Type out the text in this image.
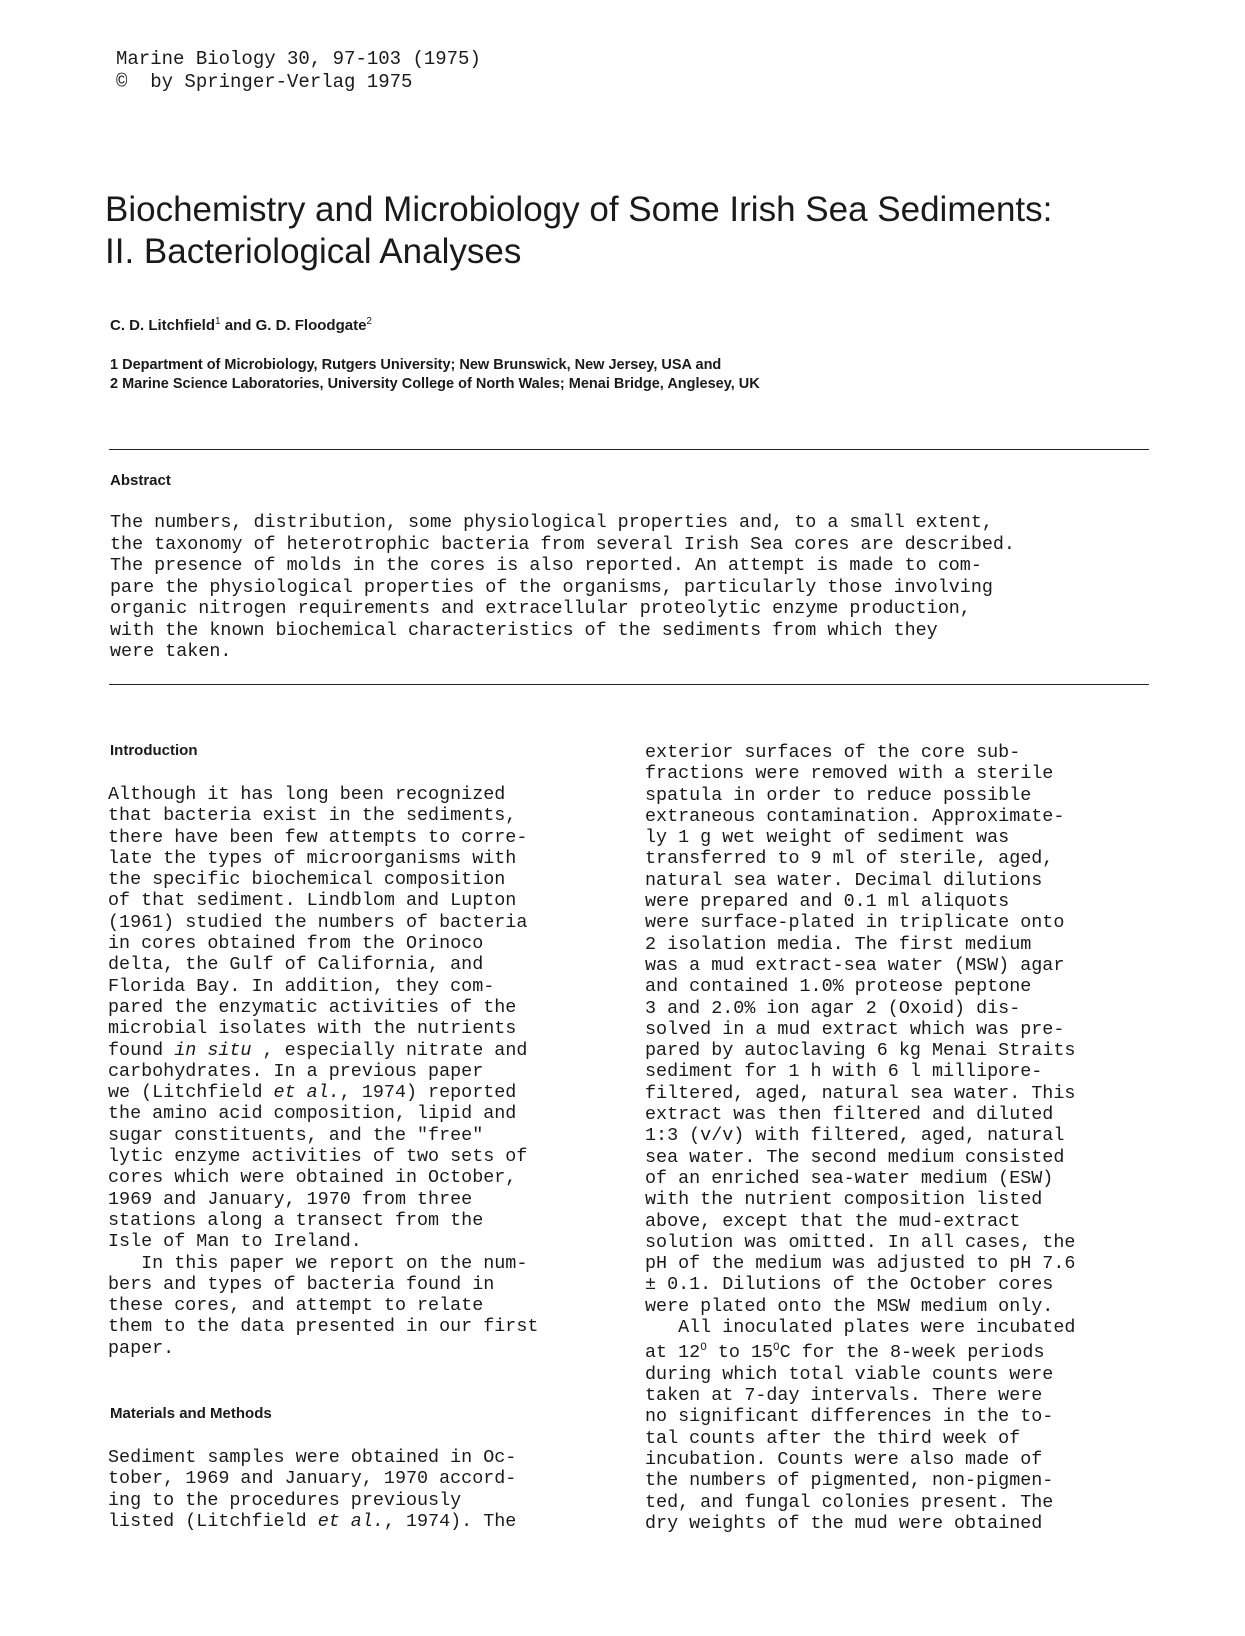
Marine Biology 30, 97-103 (1975)
©  by Springer-Verlag 1975
Biochemistry and Microbiology of Some Irish Sea Sediments:
II. Bacteriological Analyses
C. D. Litchfield$^1$ and G. D. Floodgate$^2$
1 Department of Microbiology, Rutgers University; New Brunswick, New Jersey, USA and
2 Marine Science Laboratories, University College of North Wales; Menai Bridge, Anglesey, UK
Abstract
The numbers, distribution, some physiological properties and, to a small extent,
the taxonomy of heterotrophic bacteria from several Irish Sea cores are described.
The presence of molds in the cores is also reported. An attempt is made to com-
pare the physiological properties of the organisms, particularly those involving
organic nitrogen requirements and extracellular proteolytic enzyme production,
with the known biochemical characteristics of the sediments from which they
were taken.
Introduction
Although it has long been recognized
that bacteria exist in the sediments,
there have been few attempts to corre-
late the types of microorganisms with
the specific biochemical composition
of that sediment. Lindblom and Lupton
(1961) studied the numbers of bacteria
in cores obtained from the Orinoco
delta, the Gulf of California, and
Florida Bay. In addition, they com-
pared the enzymatic activities of the
microbial isolates with the nutrients
found in situ , especially nitrate and
carbohydrates. In a previous paper
we (Litchfield et al., 1974) reported
the amino acid composition, lipid and
sugar constituents, and the "free"
lytic enzyme activities of two sets of
cores which were obtained in October,
1969 and January, 1970 from three
stations along a transect from the
Isle of Man to Ireland.
In this paper we report on the num-
bers and types of bacteria found in
these cores, and attempt to relate
them to the data presented in our first
paper.
Materials and Methods
Sediment samples were obtained in Oc-
tober, 1969 and January, 1970 accord-
ing to the procedures previously
listed (Litchfield et al., 1974). The
exterior surfaces of the core sub-
fractions were removed with a sterile
spatula in order to reduce possible
extraneous contamination. Approximate-
ly 1 g wet weight of sediment was
transferred to 9 ml of sterile, aged,
natural sea water. Decimal dilutions
were prepared and 0.1 ml aliquots
were surface-plated in triplicate onto
2 isolation media. The first medium
was a mud extract-sea water (MSW) agar
and contained 1.0% proteose peptone
3 and 2.0% ion agar 2 (Oxoid) dis-
solved in a mud extract which was pre-
pared by autoclaving 6 kg Menai Straits
sediment for 1 h with 6 l millipore-
filtered, aged, natural sea water. This
extract was then filtered and diluted
1:3 (v/v) with filtered, aged, natural
sea water. The second medium consisted
of an enriched sea-water medium (ESW)
with the nutrient composition listed
above, except that the mud-extract
solution was omitted. In all cases, the
pH of the medium was adjusted to pH 7.6
± 0.1. Dilutions of the October cores
were plated onto the MSW medium only.
All inoculated plates were incubated
at $12^O$ to $15^OC$ for the 8-week periods
during which total viable counts were
taken at 7-day intervals. There were
no significant differences in the to-
tal counts after the third week of
incubation. Counts were also made of
the numbers of pigmented, non-pigmen-
ted, and fungal colonies present. The
dry weights of the mud were obtained
